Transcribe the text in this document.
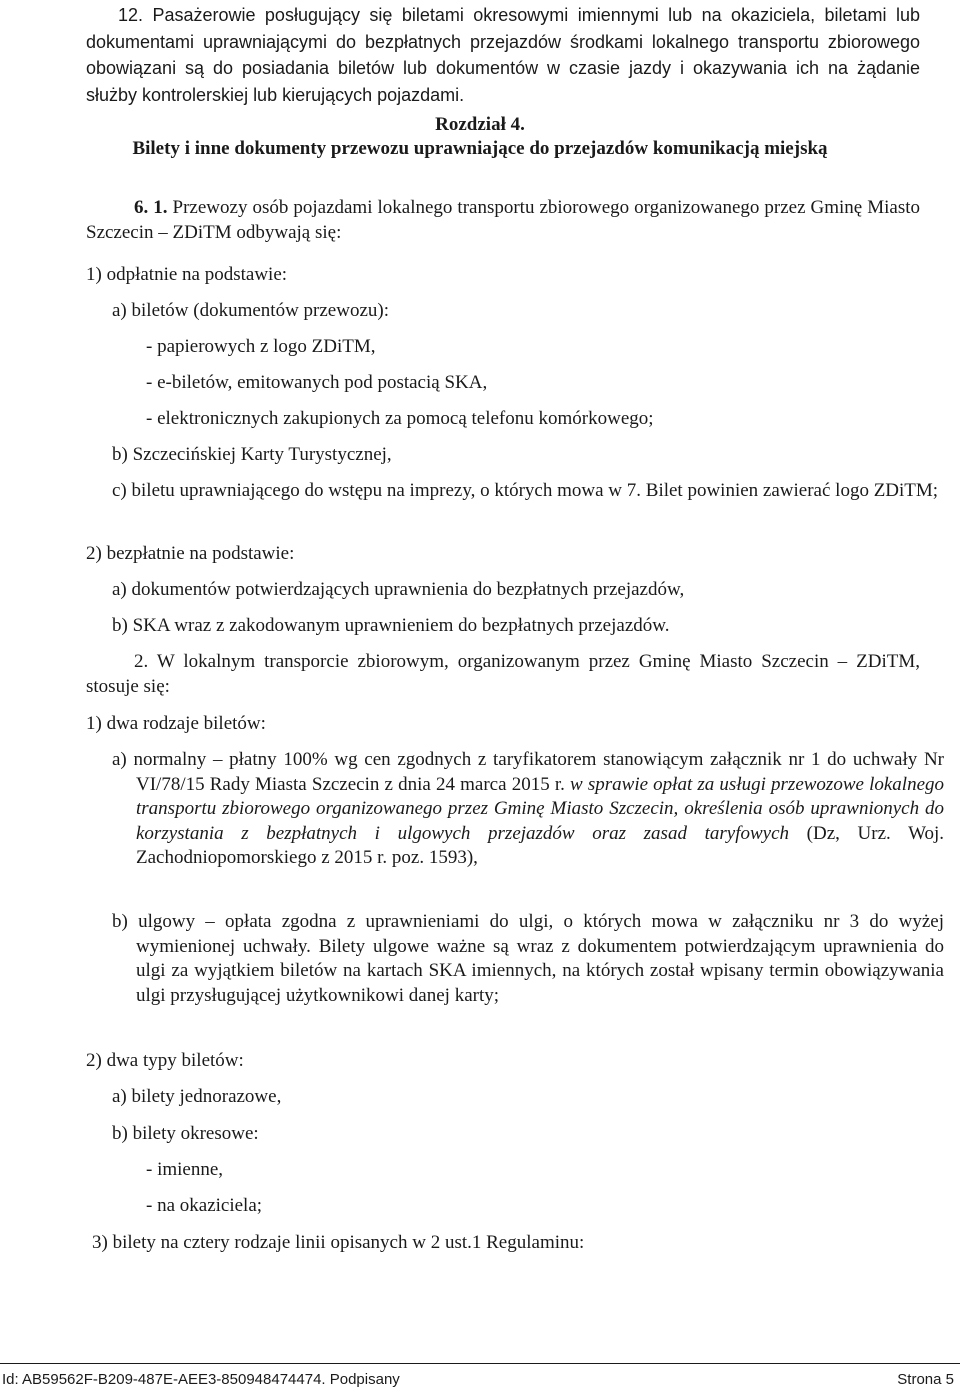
12. Pasażerowie posługujący się biletami okresowymi imiennymi lub na okaziciela, biletami lub dokumentami uprawniającymi do bezpłatnych przejazdów środkami lokalnego transportu zbiorowego obowiązani są do posiadania biletów lub dokumentów w czasie jazdy i okazywania ich na żądanie służby kontrolerskiej lub kierujących pojazdami.

Rozdział 4.

Bilety i inne dokumenty przewozu uprawniające do przejazdów komunikacją miejską

6. 1. Przewozy osób pojazdami lokalnego transportu zbiorowego organizowanego przez Gminę Miasto Szczecin – ZDiTM odbywają się:

1) odpłatnie na podstawie:

a) biletów (dokumentów przewozu):

- papierowych z logo ZDiTM,

- e-biletów, emitowanych pod postacią SKA,

- elektronicznych zakupionych za pomocą telefonu komórkowego;

b) Szczecińskiej Karty Turystycznej,

c) biletu uprawniającego do wstępu na imprezy, o których mowa w 7. Bilet powinien zawierać logo ZDiTM;

2) bezpłatnie na podstawie:

a) dokumentów potwierdzających uprawnienia do bezpłatnych przejazdów,

b) SKA wraz z zakodowanym uprawnieniem do bezpłatnych przejazdów.

2. W lokalnym transporcie zbiorowym, organizowanym przez Gminę Miasto Szczecin – ZDiTM, stosuje się:

1) dwa rodzaje biletów:

a) normalny – płatny 100% wg cen zgodnych z taryfikatorem stanowiącym załącznik nr 1 do uchwały Nr VI/78/15 Rady Miasta Szczecin z dnia 24 marca 2015 r. w sprawie opłat za usługi przewozowe lokalnego transportu zbiorowego organizowanego przez Gminę Miasto Szczecin, określenia osób uprawnionych do korzystania z bezpłatnych i ulgowych przejazdów oraz zasad taryfowych (Dz, Urz. Woj. Zachodniopomorskiego z 2015 r. poz. 1593),

b) ulgowy – opłata zgodna z uprawnieniami do ulgi, o których mowa w załączniku nr 3 do wyżej wymienionej uchwały. Bilety ulgowe ważne są wraz z dokumentem potwierdzającym uprawnienia do ulgi za wyjątkiem biletów na kartach SKA imiennych, na których został wpisany termin obowiązywania ulgi przysługującej użytkownikowi danej karty;

2) dwa typy biletów:

a) bilety jednorazowe,

b) bilety okresowe:

- imienne,

- na okaziciela;

3) bilety na cztery rodzaje linii opisanych w 2 ust.1 Regulaminu:

Id: AB59562F-B209-487E-AEE3-850948474474. Podpisany	Strona 5
